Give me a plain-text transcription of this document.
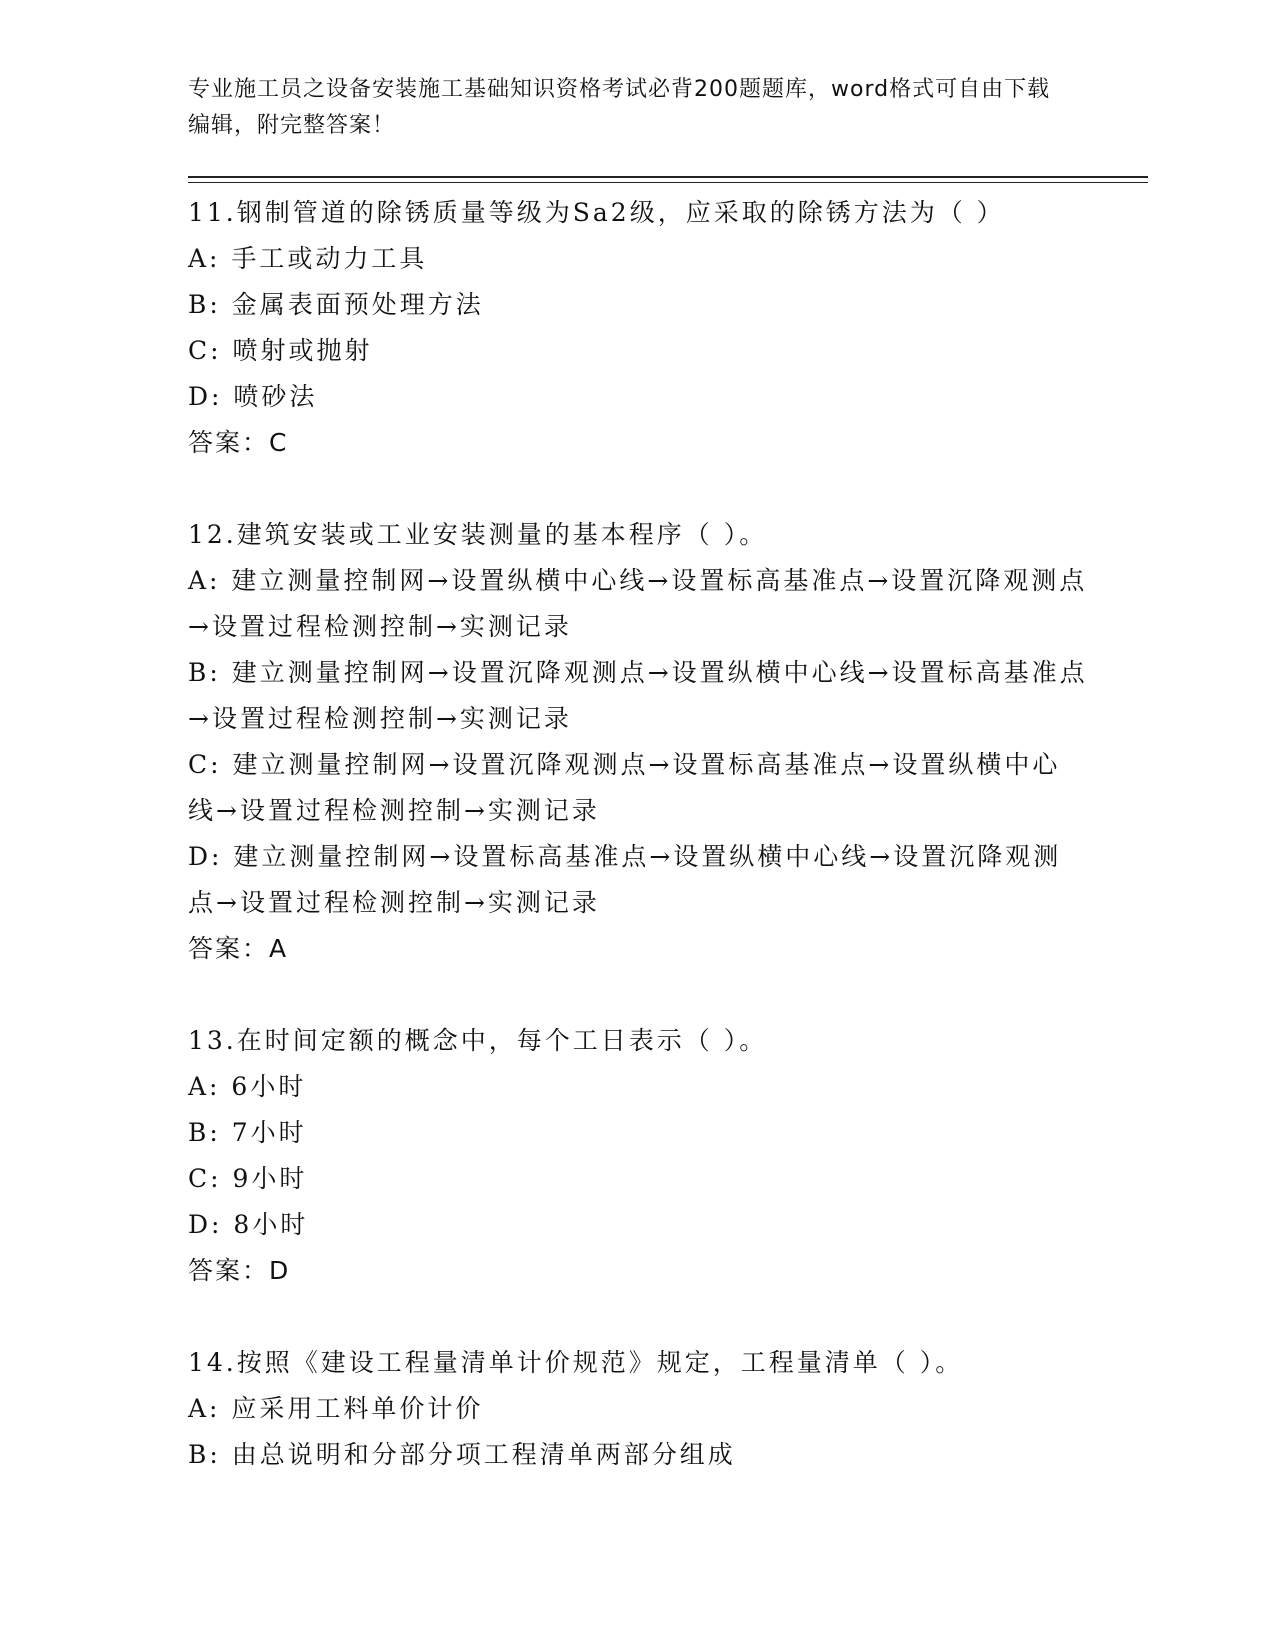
专业施工员之设备安装施工基础知识资格考试必背200题题库，word格式可自由下载编辑，附完整答案！
11.钢制管道的除锈质量等级为Sa2级，应采取的除锈方法为（ ）
A: 手工或动力工具
B: 金属表面预处理方法
C: 喷射或抛射
D: 喷砂法
答案：C
12.建筑安装或工业安装测量的基本程序（ ）。
A: 建立测量控制网→设置纵横中心线→设置标高基准点→设置沉降观测点→设置过程检测控制→实测记录
B: 建立测量控制网→设置沉降观测点→设置纵横中心线→设置标高基准点→设置过程检测控制→实测记录
C: 建立测量控制网→设置沉降观测点→设置标高基准点→设置纵横中心线→设置过程检测控制→实测记录
D: 建立测量控制网→设置标高基准点→设置纵横中心线→设置沉降观测点→设置过程检测控制→实测记录
答案：A
13.在时间定额的概念中，每个工日表示（ ）。
A: 6小时
B: 7小时
C: 9小时
D: 8小时
答案：D
14.按照《建设工程量清单计价规范》规定，工程量清单（ ）。
A: 应采用工料单价计价
B: 由总说明和分部分项工程清单两部分组成
